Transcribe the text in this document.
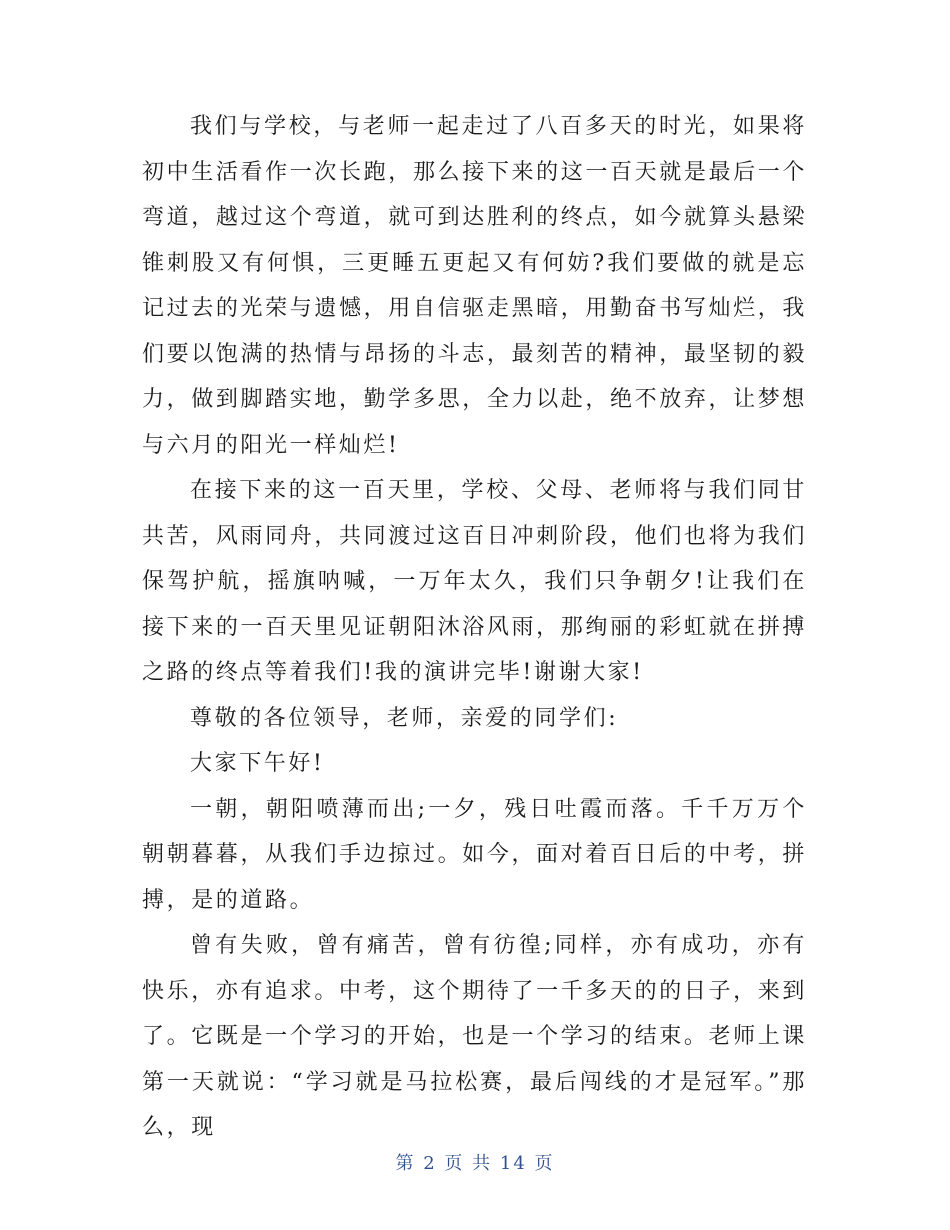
我们与学校，与老师一起走过了八百多天的时光，如果将初中生活看作一次长跑，那么接下来的这一百天就是最后一个弯道，越过这个弯道，就可到达胜利的终点，如今就算头悬梁锥刺股又有何惧，三更睡五更起又有何妨?我们要做的就是忘记过去的光荣与遗憾，用自信驱走黑暗，用勤奋书写灿烂，我们要以饱满的热情与昂扬的斗志，最刻苦的精神，最坚韧的毅力，做到脚踏实地，勤学多思，全力以赴，绝不放弃，让梦想与六月的阳光一样灿烂!

在接下来的这一百天里，学校、父母、老师将与我们同甘共苦，风雨同舟，共同渡过这百日冲刺阶段，他们也将为我们保驾护航，摇旗呐喊，一万年太久，我们只争朝夕!让我们在接下来的一百天里见证朝阳沐浴风雨，那绚丽的彩虹就在拼搏之路的终点等着我们!我的演讲完毕!谢谢大家!

尊敬的各位领导，老师，亲爱的同学们:

大家下午好!

一朝，朝阳喷薄而出;一夕，残日吐霞而落。千千万万个朝朝暮暮，从我们手边掠过。如今，面对着百日后的中考，拼搏，是的道路。

曾有失败，曾有痛苦，曾有彷徨;同样，亦有成功，亦有快乐，亦有追求。中考，这个期待了一千多天的的日子，来到了。它既是一个学习的开始，也是一个学习的结束。老师上课第一天就说：“学习就是马拉松赛，最后闯线的才是冠军。”那么，现

第 2 页 共 14 页
